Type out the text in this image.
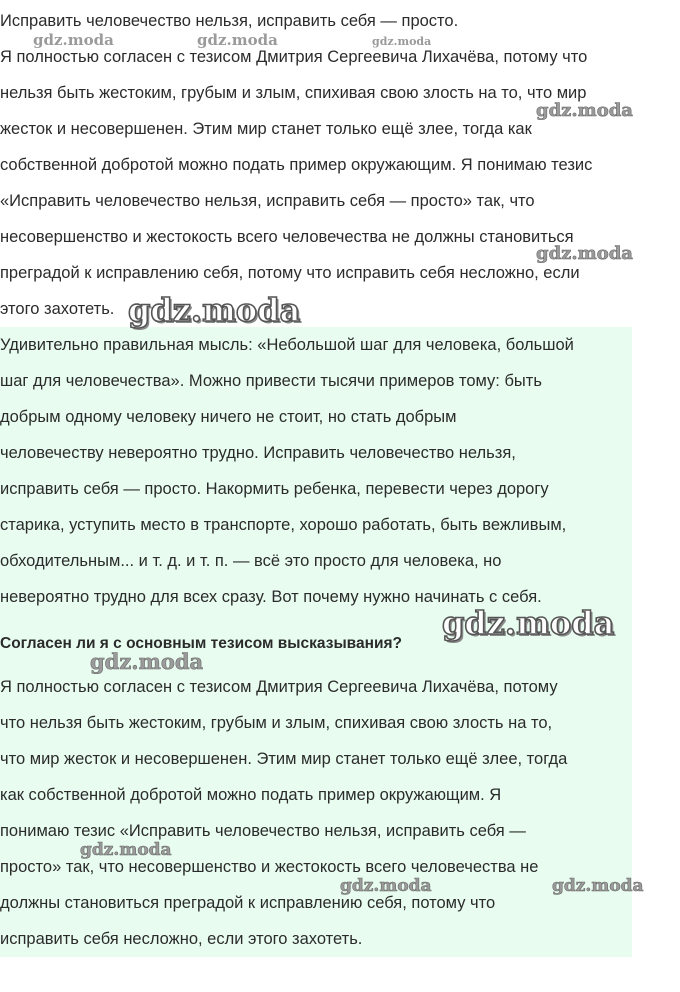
Исправить человечество нельзя, исправить себя — просто.
Я полностью согласен с тезисом Дмитрия Сергеевича Лихачёва, потому что
нельзя быть жестоким, грубым и злым, спихивая свою злость на то, что мир
жесток и несовершенен. Этим мир станет только ещё злее, тогда как
собственной добротой можно подать пример окружающим. Я понимаю тезис
«Исправить человечество нельзя, исправить себя — просто» так, что
несовершенство и жестокость всего человечества не должны становиться
преградой к исправлению себя, потому что исправить себя несложно, если
этого захотеть.
Удивительно правильная мысль: «Небольшой шаг для человека, большой
шаг для человечества». Можно привести тысячи примеров тому: быть
добрым одному человеку ничего не стоит, но стать добрым
человечеству невероятно трудно. Исправить человечество нельзя,
исправить себя — просто. Накормить ребенка, перевести через дорогу
старика, уступить место в транспорте, хорошо работать, быть вежливым,
обходительным... и т. д. и т. п. — всё это просто для человека, но
невероятно трудно для всех сразу. Вот почему нужно начинать с себя.
Согласен ли я с основным тезисом высказывания?
Я полностью согласен с тезисом Дмитрия Сергеевича Лихачёва, потому
что нельзя быть жестоким, грубым и злым, спихивая свою злость на то,
что мир жесток и несовершенен. Этим мир станет только ещё злее, тогда
как собственной добротой можно подать пример окружающим. Я
понимаю тезис «Исправить человечество нельзя, исправить себя —
просто» так, что несовершенство и жестокость всего человечества не
должны становиться преградой к исправлению себя, потому что
исправить себя несложно, если этого захотеть.
gdz.moda	gdz.moda	gdz.moda
gdz.moda
gdz.moda
gdz.moda
gdz.moda
gdz.moda
gdz.moda
gdz.moda	gdz.moda
